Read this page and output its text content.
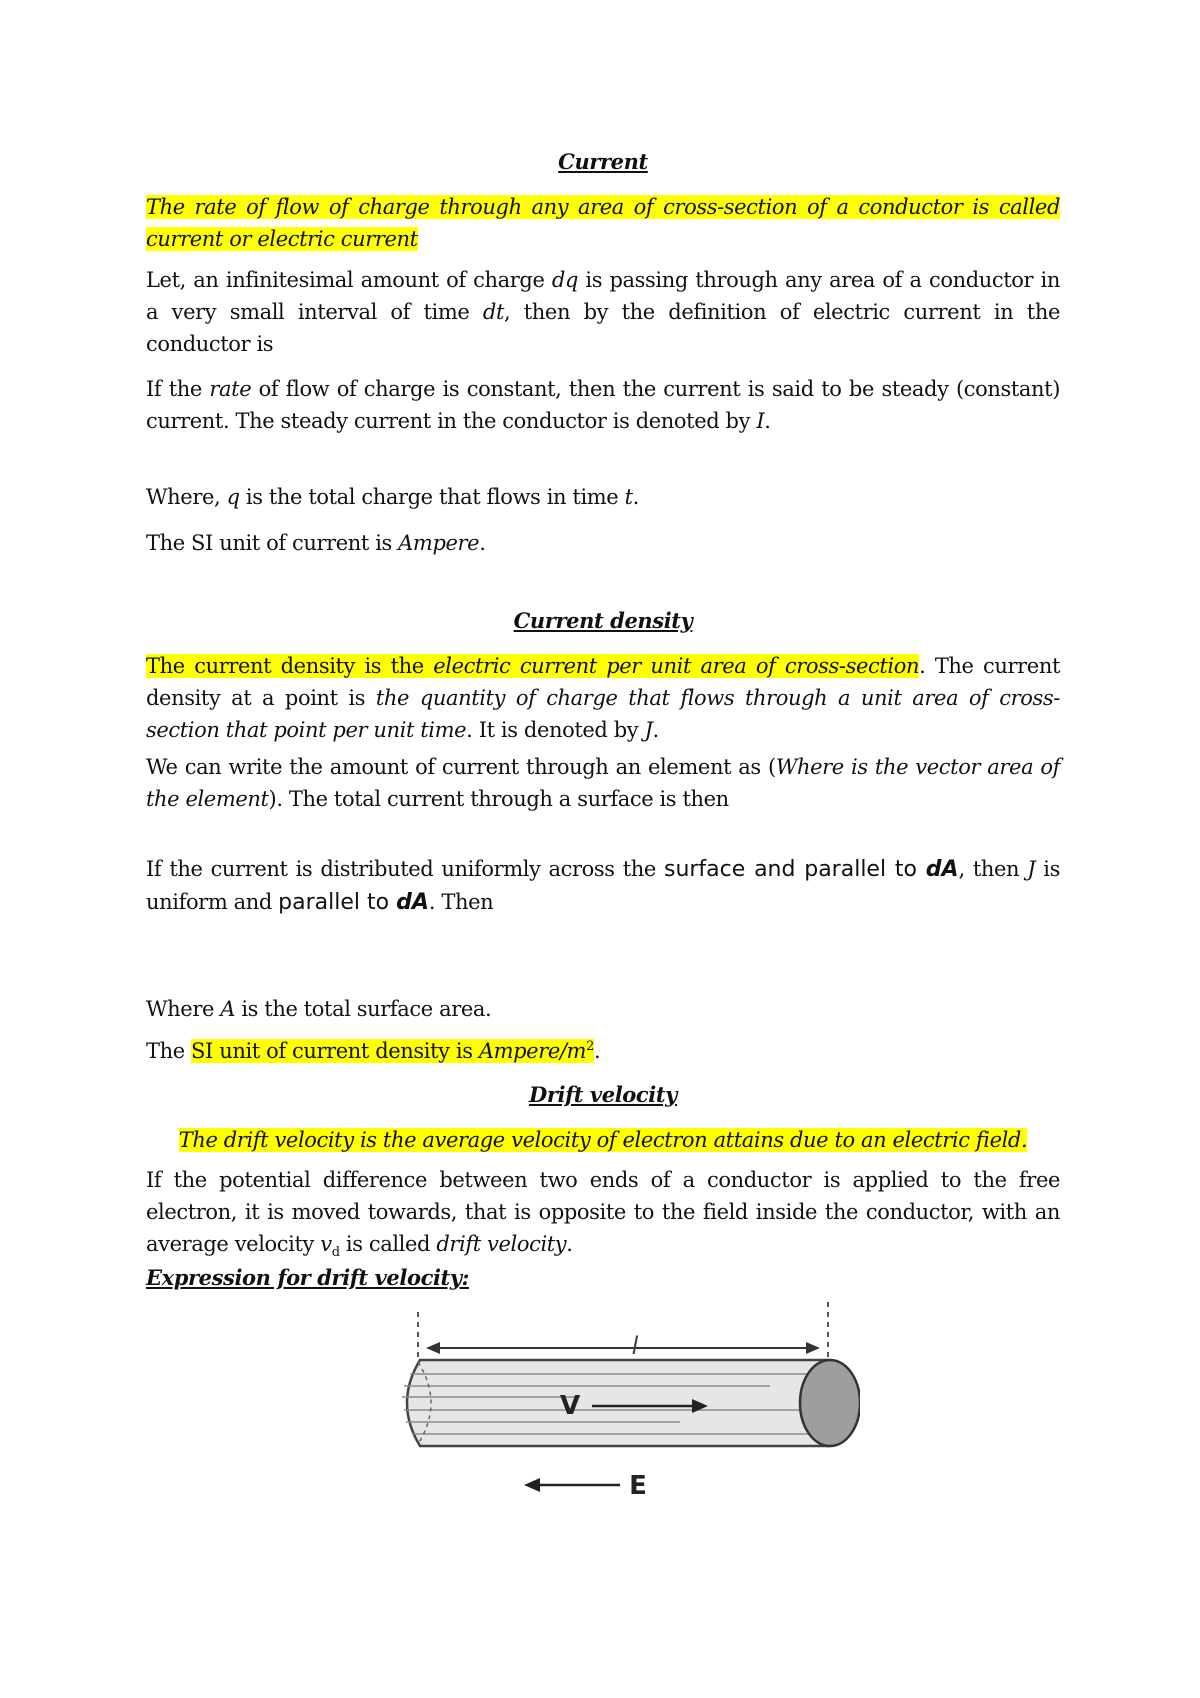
Current
The rate of flow of charge through any area of cross-section of a conductor is called current or electric current
Let, an infinitesimal amount of charge dq is passing through any area of a conductor in a very small interval of time dt, then by the definition of electric current in the conductor is
If the rate of flow of charge is constant, then the current is said to be steady (constant) current. The steady current in the conductor is denoted by I.
Where, q is the total charge that flows in time t.
The SI unit of current is Ampere.
Current density
The current density is the electric current per unit area of cross-section. The current density at a point is the quantity of charge that flows through a unit area of cross-section that point per unit time. It is denoted by J.
We can write the amount of current through an element as (Where is the vector area of the element). The total current through a surface is then
If the current is distributed uniformly across the surface and parallel to dA, then J is uniform and parallel to dA. Then
Where A is the total surface area.
The SI unit of current density is Ampere/$m^2$.
Drift velocity
The drift velocity is the average velocity of electron attains due to an electric field.
If the potential difference between two ends of a conductor is applied to the free electron, it is moved towards, that is opposite to the field inside the conductor, with an average velocity $v_d$ is called drift velocity.
Expression for drift velocity:
l
V
E
